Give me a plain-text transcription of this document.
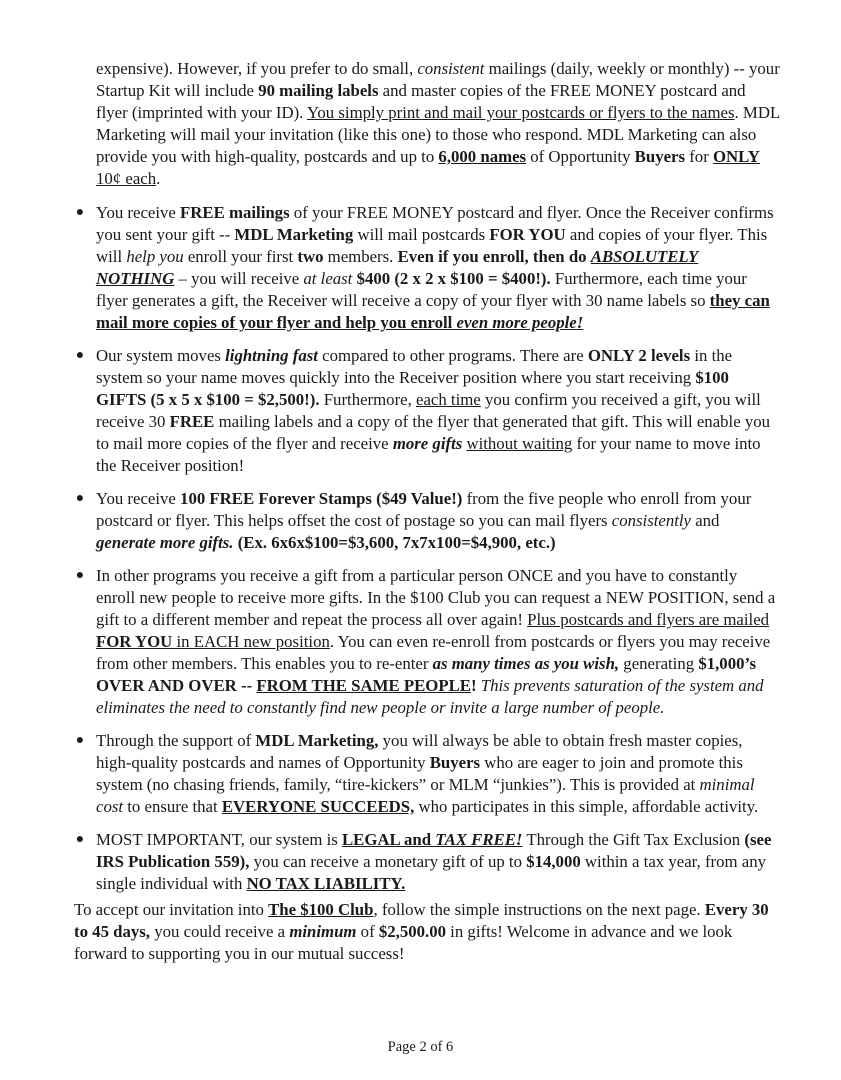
expensive). However, if you prefer to do small, consistent mailings (daily, weekly or monthly) -- your Startup Kit will include 90 mailing labels and master copies of the FREE MONEY postcard and flyer (imprinted with your ID). You simply print and mail your postcards or flyers to the names. MDL Marketing will mail your invitation (like this one) to those who respond. MDL Marketing can also provide you with high-quality, postcards and up to 6,000 names of Opportunity Buyers for ONLY 10¢ each.

● You receive FREE mailings of your FREE MONEY postcard and flyer. Once the Receiver confirms you sent your gift -- MDL Marketing will mail postcards FOR YOU and copies of your flyer. This will help you enroll your first two members. Even if you enroll, then do ABSOLUTELY NOTHING – you will receive at least $400 (2 x 2 x $100 = $400!). Furthermore, each time your flyer generates a gift, the Receiver will receive a copy of your flyer with 30 name labels so they can mail more copies of your flyer and help you enroll even more people!

● Our system moves lightning fast compared to other programs. There are ONLY 2 levels in the system so your name moves quickly into the Receiver position where you start receiving $100 GIFTS (5 x 5 x $100 = $2,500!). Furthermore, each time you confirm you received a gift, you will receive 30 FREE mailing labels and a copy of the flyer that generated that gift. This will enable you to mail more copies of the flyer and receive more gifts without waiting for your name to move into the Receiver position!

● You receive 100 FREE Forever Stamps ($49 Value!) from the five people who enroll from your postcard or flyer. This helps offset the cost of postage so you can mail flyers consistently and generate more gifts. (Ex. 6x6x$100=$3,600, 7x7x100=$4,900, etc.)

● In other programs you receive a gift from a particular person ONCE and you have to constantly enroll new people to receive more gifts. In the $100 Club you can request a NEW POSITION, send a gift to a different member and repeat the process all over again! Plus postcards and flyers are mailed FOR YOU in EACH new position. You can even re-enroll from postcards or flyers you may receive from other members. This enables you to re-enter as many times as you wish, generating $1,000’s OVER AND OVER -- FROM THE SAME PEOPLE! This prevents saturation of the system and eliminates the need to constantly find new people or invite a large number of people.

● Through the support of MDL Marketing, you will always be able to obtain fresh master copies, high-quality postcards and names of Opportunity Buyers who are eager to join and promote this system (no chasing friends, family, “tire-kickers” or MLM “junkies”). This is provided at minimal cost to ensure that EVERYONE SUCCEEDS, who participates in this simple, affordable activity.

● MOST IMPORTANT, our system is LEGAL and TAX FREE! Through the Gift Tax Exclusion (see IRS Publication 559), you can receive a monetary gift of up to $14,000 within a tax year, from any single individual with NO TAX LIABILITY.

To accept our invitation into The $100 Club, follow the simple instructions on the next page. Every 30 to 45 days, you could receive a minimum of $2,500.00 in gifts! Welcome in advance and we look forward to supporting you in our mutual success!

Page 2 of 6
